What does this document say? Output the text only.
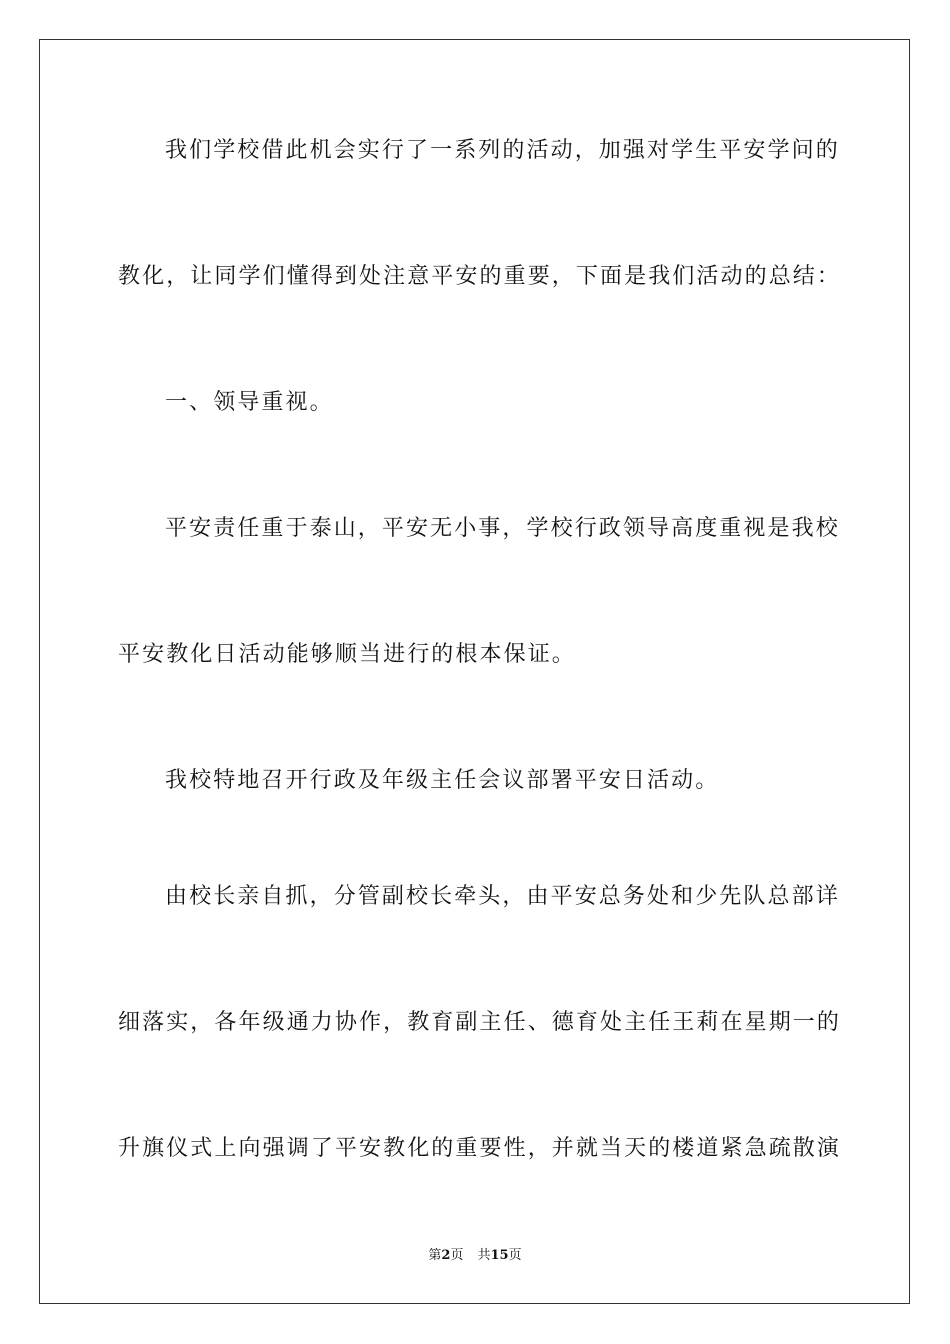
我们学校借此机会实行了一系列的活动，加强对学生平安学问的
教化，让同学们懂得到处注意平安的重要，下面是我们活动的总结：
一、领导重视。
平安责任重于泰山，平安无小事，学校行政领导高度重视是我校
平安教化日活动能够顺当进行的根本保证。
我校特地召开行政及年级主任会议部署平安日活动。
由校长亲自抓，分管副校长牵头，由平安总务处和少先队总部详
细落实，各年级通力协作，教育副主任、德育处主任王莉在星期一的
升旗仪式上向强调了平安教化的重要性，并就当天的楼道紧急疏散演
第2页 共15页
